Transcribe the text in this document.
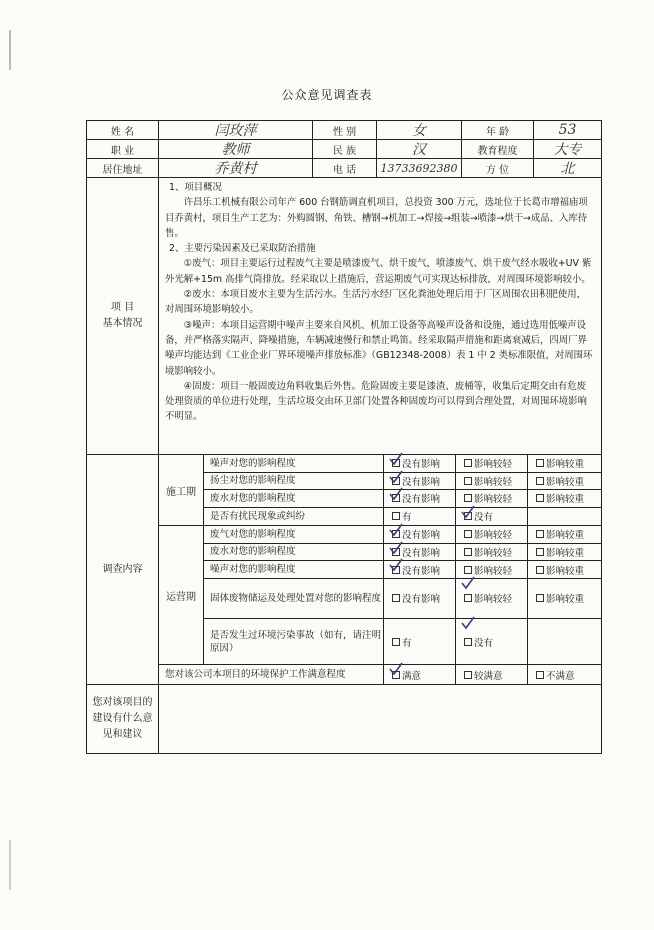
公众意见调查表
姓 名	闫玫萍	性 别	女	年 龄	53
职 业	教师	民 族	汉	教育程度	大专
居住地址	乔黄村	电 话	13733692380	方 位	北
项 目
基本情况

1、项目概况

许昌乐工机械有限公司年产 600 台钢筋调直机项目，总投资 300 万元，选址位于长葛市增福庙项目乔黄村，项目生产工艺为：外购圆钢、角铁、槽钢→机加工→焊接→组装→喷漆→烘干→成品、入库待售。

2、主要污染因素及已采取防治措施

①废气：项目主要运行过程废气主要是喷漆废气、烘干废气，喷漆废气、烘干废气经水吸收+UV 紫外光解+15m 高排气筒排放。经采取以上措施后，营运期废气可实现达标排放，对周围环境影响较小。

②废水：本项目废水主要为生活污水。生活污水经厂区化粪池处理后用于厂区周围农田积肥使用，对周围环境影响较小。

③噪声：本项目运营期中噪声主要来自风机、机加工设备等高噪声设备和设施，通过选用低噪声设备，并严格落实隔声、降噪措施，车辆减速慢行和禁止鸣笛。经采取隔声措施和距离衰减后，四周厂界噪声均能达到《工业企业厂界环境噪声排放标准》（GB12348-2008）表 1 中 2 类标准限值，对周围环境影响较小。

④固废：项目一般固废边角料收集后外售。危险固废主要是漆渣、废桶等，收集后定期交由有危废处理资质的单位进行处理，生活垃圾交由环卫部门处置各种固废均可以得到合理处置，对周围环境影响不明显。

调查内容
施工期
噪声对您的影响程度	没有影响	影响较轻	影响较重
扬尘对您的影响程度	没有影响	影响较轻	影响较重
废水对您的影响程度	没有影响	影响较轻	影响较重
是否有扰民现象或纠纷	有	没有
运营期
废气对您的影响程度	没有影响	影响较轻	影响较重
废水对您的影响程度	没有影响	影响较轻	影响较重
噪声对您的影响程度	没有影响	影响较轻	影响较重
固体废物储运及处理处置对您的影响程度	没有影响	影响较轻	影响较重
是否发生过环境污染事故（如有，请注明原因）	有	没有
您对该公司本项目的环境保护工作满意程度	满意	较满意	不满意
您对该项目的建设有什么意见和建议
